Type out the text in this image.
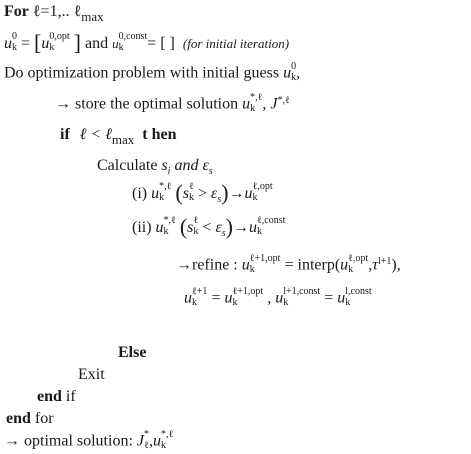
For ℓ=1,.. ℓ$_{max}$
u 0
k = [u 0,opt
k ] and u 0,const
k	= [ ] (for initial iteration)
Do optimization problem with initial guess u 0
k ,
→ store the optimal solution u *,ℓ
k , $J^{*,\ell}$
if ℓ < ℓ$_{max}$ t hen
Calculate $s_i$ and $\varepsilon_s$
(i) u *,ℓ
k (s ℓ
$k > \varepsilon_s)\to u$ ℓ,opt
k
(ii) u *,ℓ
k (s ℓ
$k < \varepsilon_s)\to u$ ℓ,const
k
→refine : u ℓ+1,opt
k	= interp(u ℓ,opt
k $,\tau^{l+1}$),
u ℓ+1
k = u ℓ+1,opt
k	, u l+1,const
k	= u l,const
k
Else
Exit
end if
end for
→ optimal solution: J *
ℓ ,u *,ℓ
k
